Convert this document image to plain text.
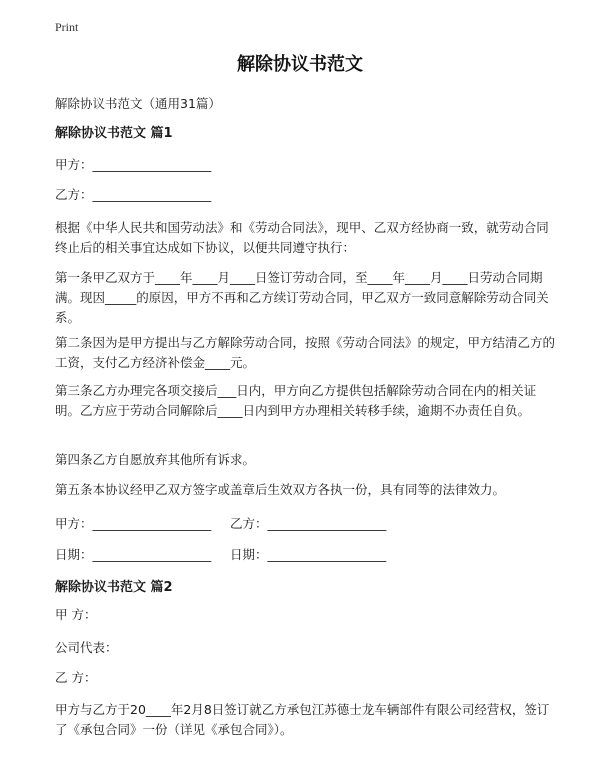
Print
解除协议书范文
解除协议书范文（通用31篇）
解除协议书范文 篇1
甲方：___________________
乙方：___________________
根据《中华人民共和国劳动法》和《劳动合同法》，现甲、乙双方经协商一致，就劳动合同终止后的相关事宜达成如下协议，以便共同遵守执行：
第一条甲乙双方于____年____月____日签订劳动合同，至____年____月____日劳动合同期满。现因_____的原因，甲方不再和乙方续订劳动合同，甲乙双方一致同意解除劳动合同关系。
第二条因为是甲方提出与乙方解除劳动合同，按照《劳动合同法》的规定，甲方结清乙方的工资，支付乙方经济补偿金____元。
第三条乙方办理完各项交接后___日内，甲方向乙方提供包括解除劳动合同在内的相关证明。乙方应于劳动合同解除后____日内到甲方办理相关转移手续，逾期不办责任自负。
第四条乙方自愿放弃其他所有诉求。
第五条本协议经甲乙双方签字或盖章后生效双方各执一份，具有同等的法律效力。
甲方：___________________ 乙方：___________________
日期：___________________ 日期：___________________
解除协议书范文 篇2
甲 方：
公司代表：
乙 方：
甲方与乙方于20____年2月8日签订就乙方承包江苏德士龙车辆部件有限公司经营权，签订了《承包合同》一份（详见《承包合同》）。
